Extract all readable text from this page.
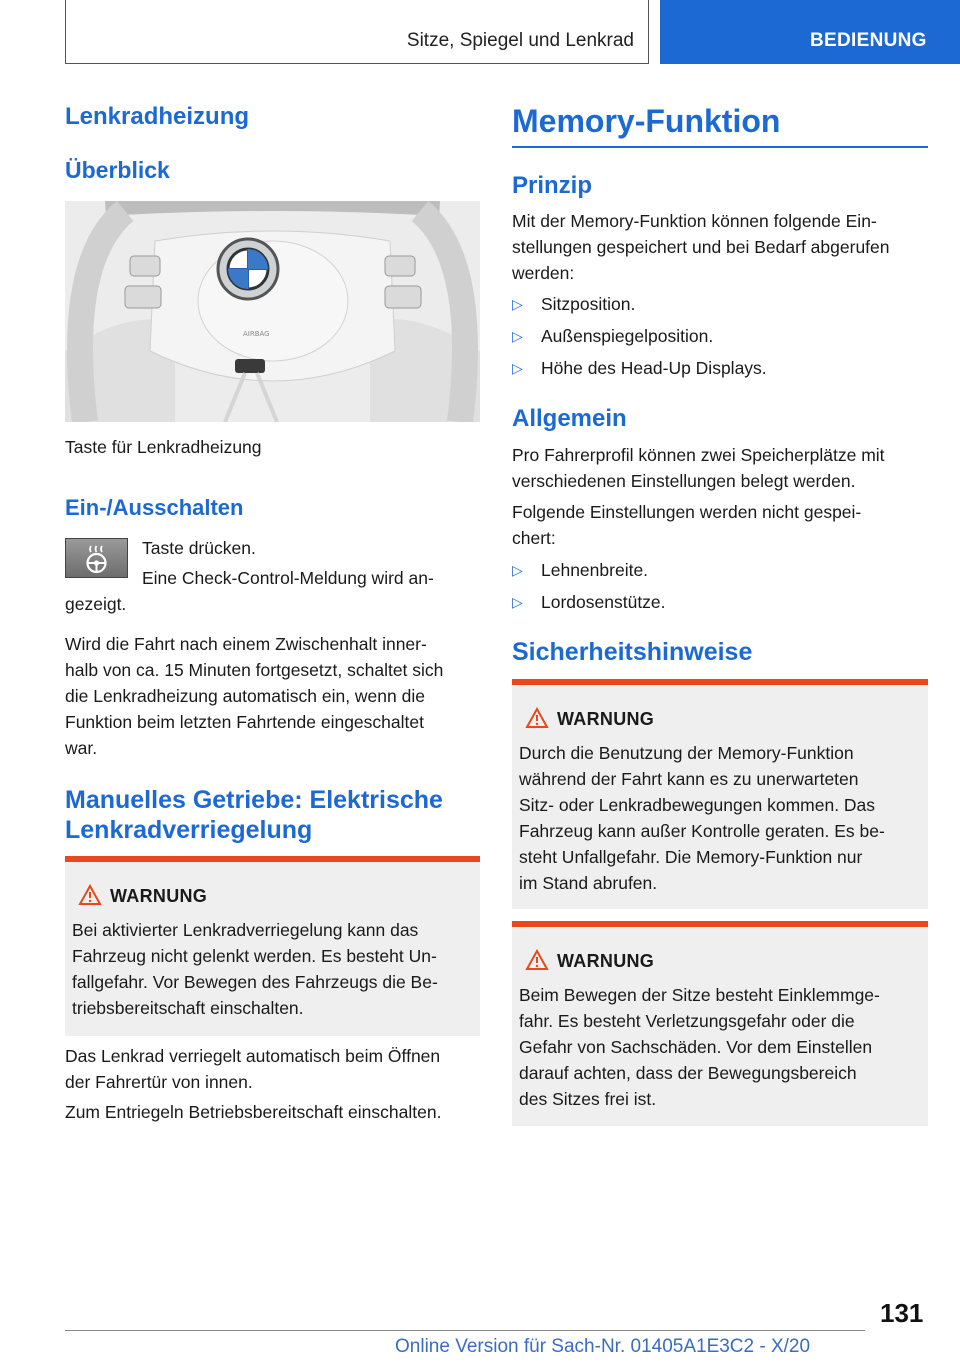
Sitze, Spiegel und Lenkrad	BEDIENUNG
Lenkradheizung
Überblick
AIRBAG
Taste für Lenkradheizung
Ein-/Ausschalten
Taste drücken.
Eine Check-Control-Meldung wird an‐
gezeigt.
Wird die Fahrt nach einem Zwischenhalt inner‐
halb von ca. 15 Minuten fortgesetzt, schaltet sich
die Lenkradheizung automatisch ein, wenn die
Funktion beim letzten Fahrtende eingeschaltet
war.
Manuelles Getriebe: Elektrische
Lenkradverriegelung
WARNUNG
Bei aktivierter Lenkradverriegelung kann das
Fahrzeug nicht gelenkt werden. Es besteht Un‐
fallgefahr. Vor Bewegen des Fahrzeugs die Be‐
triebsbereitschaft einschalten.
Das Lenkrad verriegelt automatisch beim Öffnen
der Fahrertür von innen.
Zum Entriegeln Betriebsbereitschaft einschalten.
Memory-Funktion
Prinzip
Mit der Memory-Funktion können folgende Ein‐
stellungen gespeichert und bei Bedarf abgerufen
werden:
▷ Sitzposition.
▷ Außenspiegelposition.
▷ Höhe des Head-Up Displays.
Allgemein
Pro Fahrerprofil können zwei Speicherplätze mit
verschiedenen Einstellungen belegt werden.
Folgende Einstellungen werden nicht gespei‐
chert:
▷ Lehnenbreite.
▷ Lordosenstütze.
Sicherheitshinweise
WARNUNG
Durch die Benutzung der Memory-Funktion
während der Fahrt kann es zu unerwarteten
Sitz- oder Lenkradbewegungen kommen. Das
Fahrzeug kann außer Kontrolle geraten. Es be‐
steht Unfallgefahr. Die Memory-Funktion nur
im Stand abrufen.
WARNUNG
Beim Bewegen der Sitze besteht Einklemmge‐
fahr. Es besteht Verletzungsgefahr oder die
Gefahr von Sachschäden. Vor dem Einstellen
darauf achten, dass der Bewegungsbereich
des Sitzes frei ist.
131
Online Version für Sach-Nr. 01405A1E3C2 - X/20
